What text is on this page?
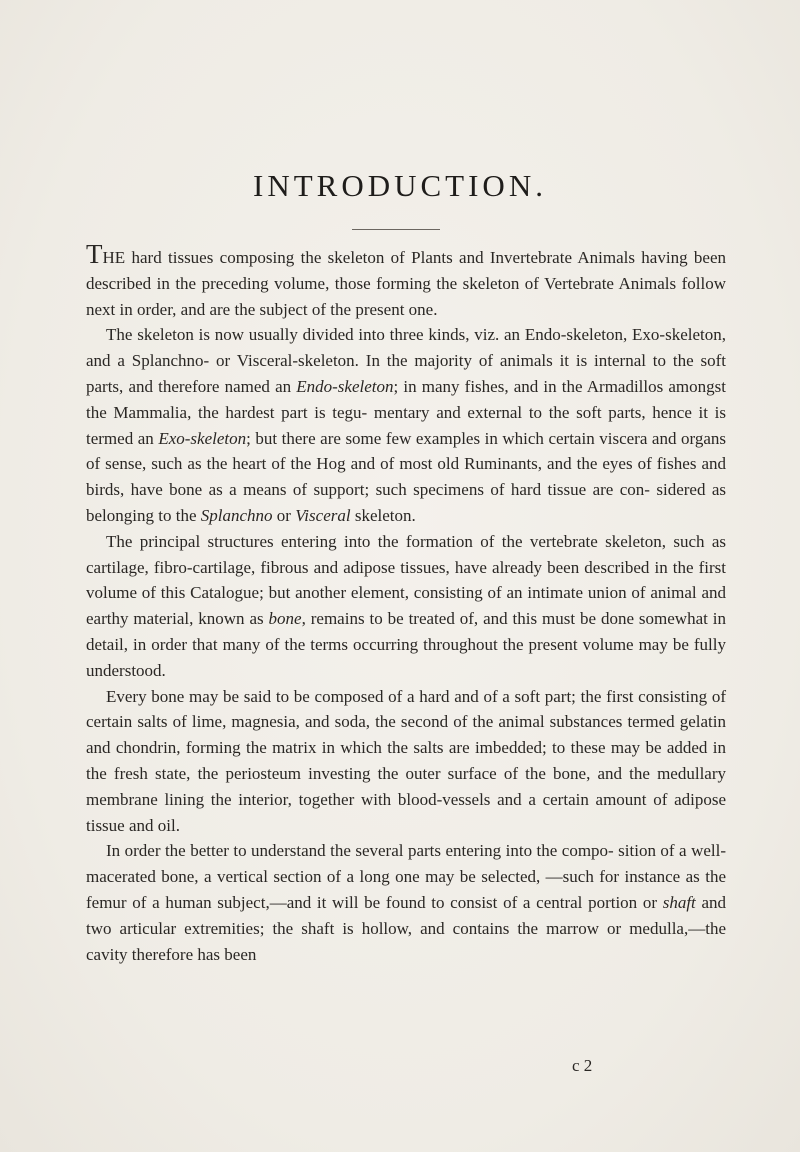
INTRODUCTION.

THE hard tissues composing the skeleton of Plants and Invertebrate Animals having been described in the preceding volume, those forming the skeleton of Vertebrate Animals follow next in order, and are the subject of the present one.

The skeleton is now usually divided into three kinds, viz. an Endo-skeleton, Exo-skeleton, and a Splanchno- or Visceral-skeleton. In the majority of animals it is internal to the soft parts, and therefore named an Endo-skeleton; in many fishes, and in the Armadillos amongst the Mammalia, the hardest part is tegu- mentary and external to the soft parts, hence it is termed an Exo-skeleton; but there are some few examples in which certain viscera and organs of sense, such as the heart of the Hog and of most old Ruminants, and the eyes of fishes and birds, have bone as a means of support; such specimens of hard tissue are con- sidered as belonging to the Splanchno or Visceral skeleton.

The principal structures entering into the formation of the vertebrate skeleton, such as cartilage, fibro-cartilage, fibrous and adipose tissues, have already been described in the first volume of this Catalogue; but another element, consisting of an intimate union of animal and earthy material, known as bone, remains to be treated of, and this must be done somewhat in detail, in order that many of the terms occurring throughout the present volume may be fully understood.

Every bone may be said to be composed of a hard and of a soft part; the first consisting of certain salts of lime, magnesia, and soda, the second of the animal substances termed gelatin and chondrin, forming the matrix in which the salts are imbedded; to these may be added in the fresh state, the periosteum investing the outer surface of the bone, and the medullary membrane lining the interior, together with blood-vessels and a certain amount of adipose tissue and oil.

In order the better to understand the several parts entering into the compo- sition of a well-macerated bone, a vertical section of a long one may be selected, —such for instance as the femur of a human subject,—and it will be found to consist of a central portion or shaft and two articular extremities; the shaft is hollow, and contains the marrow or medulla,—the cavity therefore has been

c 2
